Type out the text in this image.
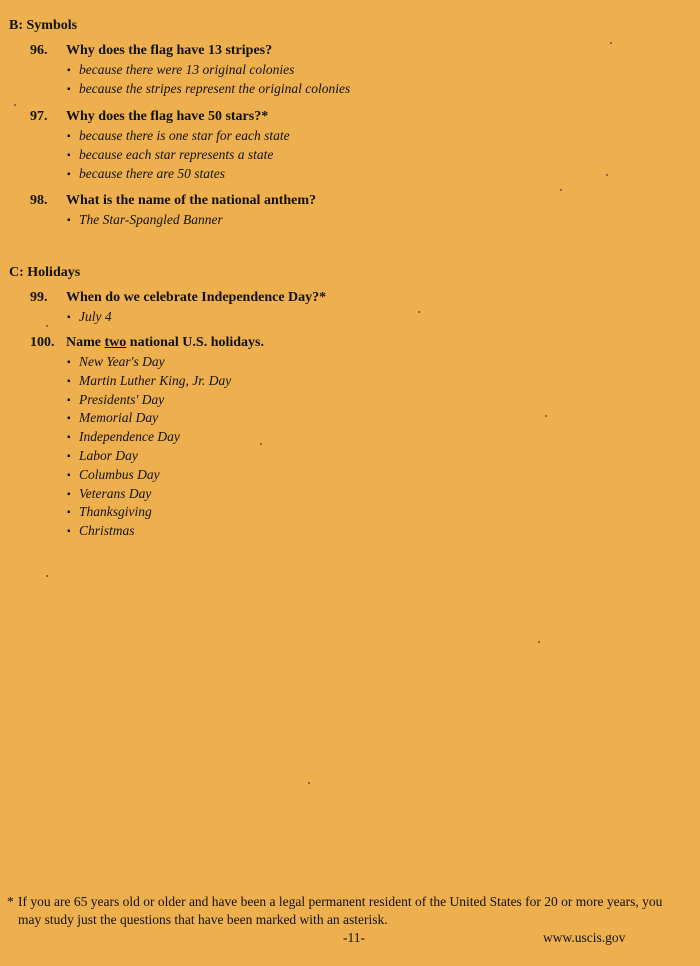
B: Symbols
96.	Why does the flag have 13 stripes?
▪ because there were 13 original colonies
▪ because the stripes represent the original colonies
97.	Why does the flag have 50 stars?*
▪ because there is one star for each state
▪ because each star represents a state
▪ because there are 50 states
98.	What is the name of the national anthem?
▪ The Star-Spangled Banner
C: Holidays
99.	When do we celebrate Independence Day?*
▪ July 4
100. Name two national U.S. holidays.
▪ New Year's Day
▪ Martin Luther King, Jr. Day
▪ Presidents' Day
▪ Memorial Day
▪ Independence Day
▪ Labor Day
▪ Columbus Day
▪ Veterans Day
▪ Thanksgiving
▪ Christmas
* If you are 65 years old or older and have been a legal permanent resident of the United States for 20 or more years, you
may study just the questions that have been marked with an asterisk.
-11-	www.uscis.gov
